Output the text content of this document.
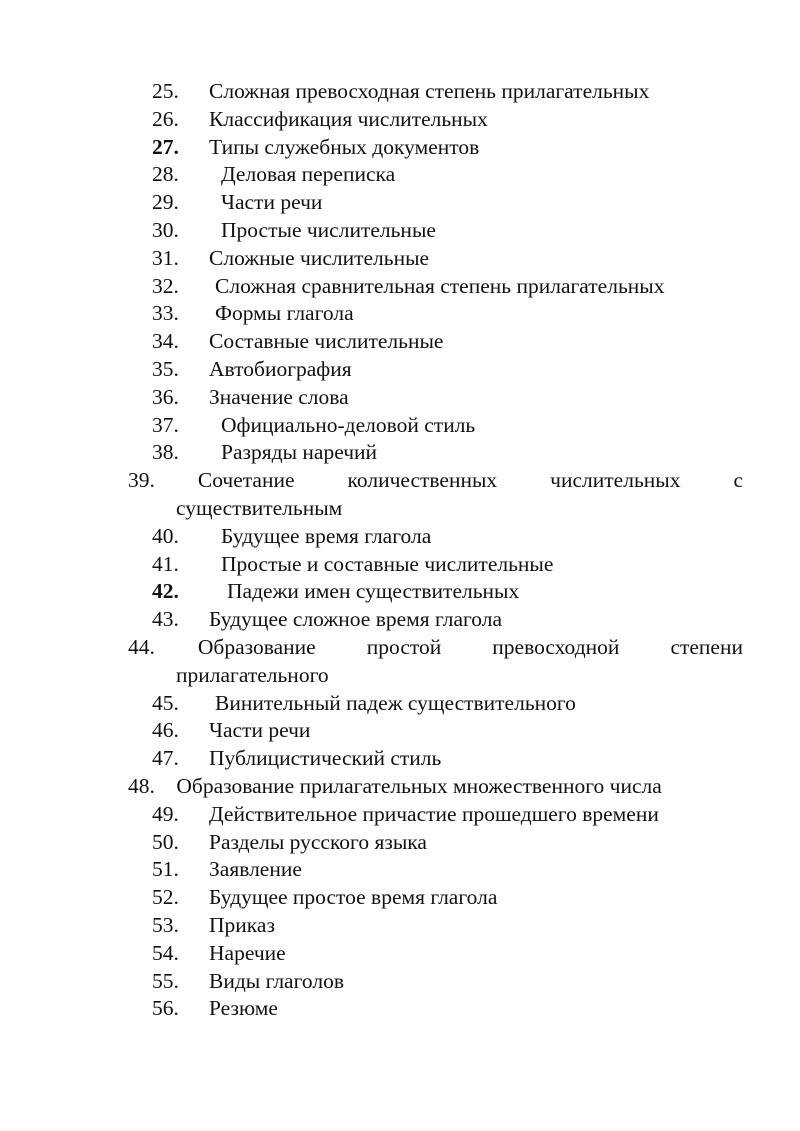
25. Сложная превосходная степень прилагательных
26. Классификация числительных
27. Типы служебных документов
28. Деловая переписка
29. Части речи
30. Простые числительные
31. Сложные числительные
32. Сложная сравнительная степень прилагательных
33. Формы глагола
34. Составные числительные
35. Автобиография
36. Значение слова
37. Официально-деловой стиль
38. Разряды наречий
39.   Сочетание количественных числительных с существительным
40. Будущее время глагола
41. Простые и составные числительные
42. Падежи имен существительных
43. Будущее сложное время глагола
44.   Образование простой превосходной степени прилагательного
45. Винительный падеж существительного
46. Части речи
47. Публицистический стиль
48.  Образование прилагательных множественного числа
49. Действительное причастие прошедшего времени
50. Разделы русского языка
51. Заявление
52. Будущее простое время глагола
53. Приказ
54. Наречие
55. Виды глаголов
56. Резюме
